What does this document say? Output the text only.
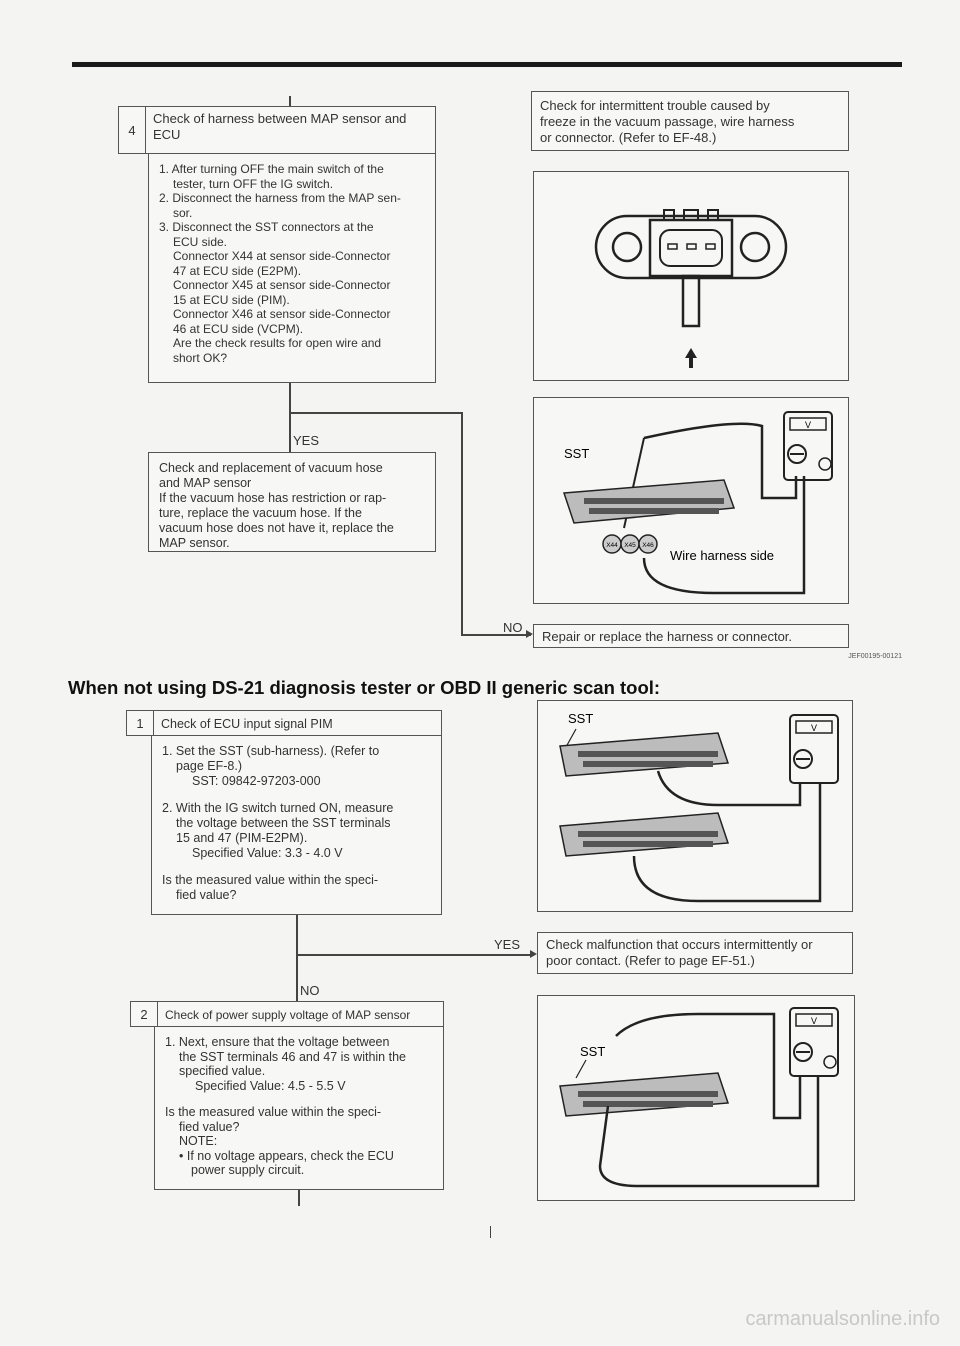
4
Check of harness between MAP sensor and ECU

1. After turning OFF the main switch of the

tester, turn OFF the IG switch.

2. Disconnect the harness from the MAP sen-

sor.

3. Disconnect the SST connectors at the

ECU side.

Connector X44 at sensor side-Connector

47 at ECU side (E2PM).

Connector X45 at sensor side-Connector

15 at ECU side (PIM).

Connector X46 at sensor side-Connector

46 at ECU side (VCPM).

Are the check results for open wire and

short OK?

YES
NO

Check and replacement of vacuum hose

and MAP sensor

If the vacuum hose has restriction or rap-

ture, replace the vacuum hose. If the

vacuum hose does not have it, replace the

MAP sensor.

Check for intermittent trouble caused by

freeze in the vacuum passage, wire harness

or connector. (Refer to EF-48.)

V
SST
X44 X45 X46
Wire harness side
Repair or replace the harness or connector.
JEF00195-00121
When not using DS-21 diagnosis tester or OBD II generic scan tool:
1	Check of ECU input signal PIM

1. Set the SST (sub-harness). (Refer to

page EF-8.)

SST: 09842-97203-000

2. With the IG switch turned ON, measure

the voltage between the SST terminals

15 and 47 (PIM-E2PM).

Specified Value: 3.3 - 4.0 V

Is the measured value within the speci-

fied value?

YES
NO

Check malfunction that occurs intermittently or

poor contact. (Refer to page EF-51.)

2	Check of power supply voltage of MAP sensor

1. Next, ensure that the voltage between

the SST terminals 46 and 47 is within the

specified value.

Specified Value: 4.5 - 5.5 V

Is the measured value within the speci-

fied value?

NOTE:

• If no voltage appears, check the ECU

power supply circuit.

SST
V
SST
V
carmanualsonline.info
